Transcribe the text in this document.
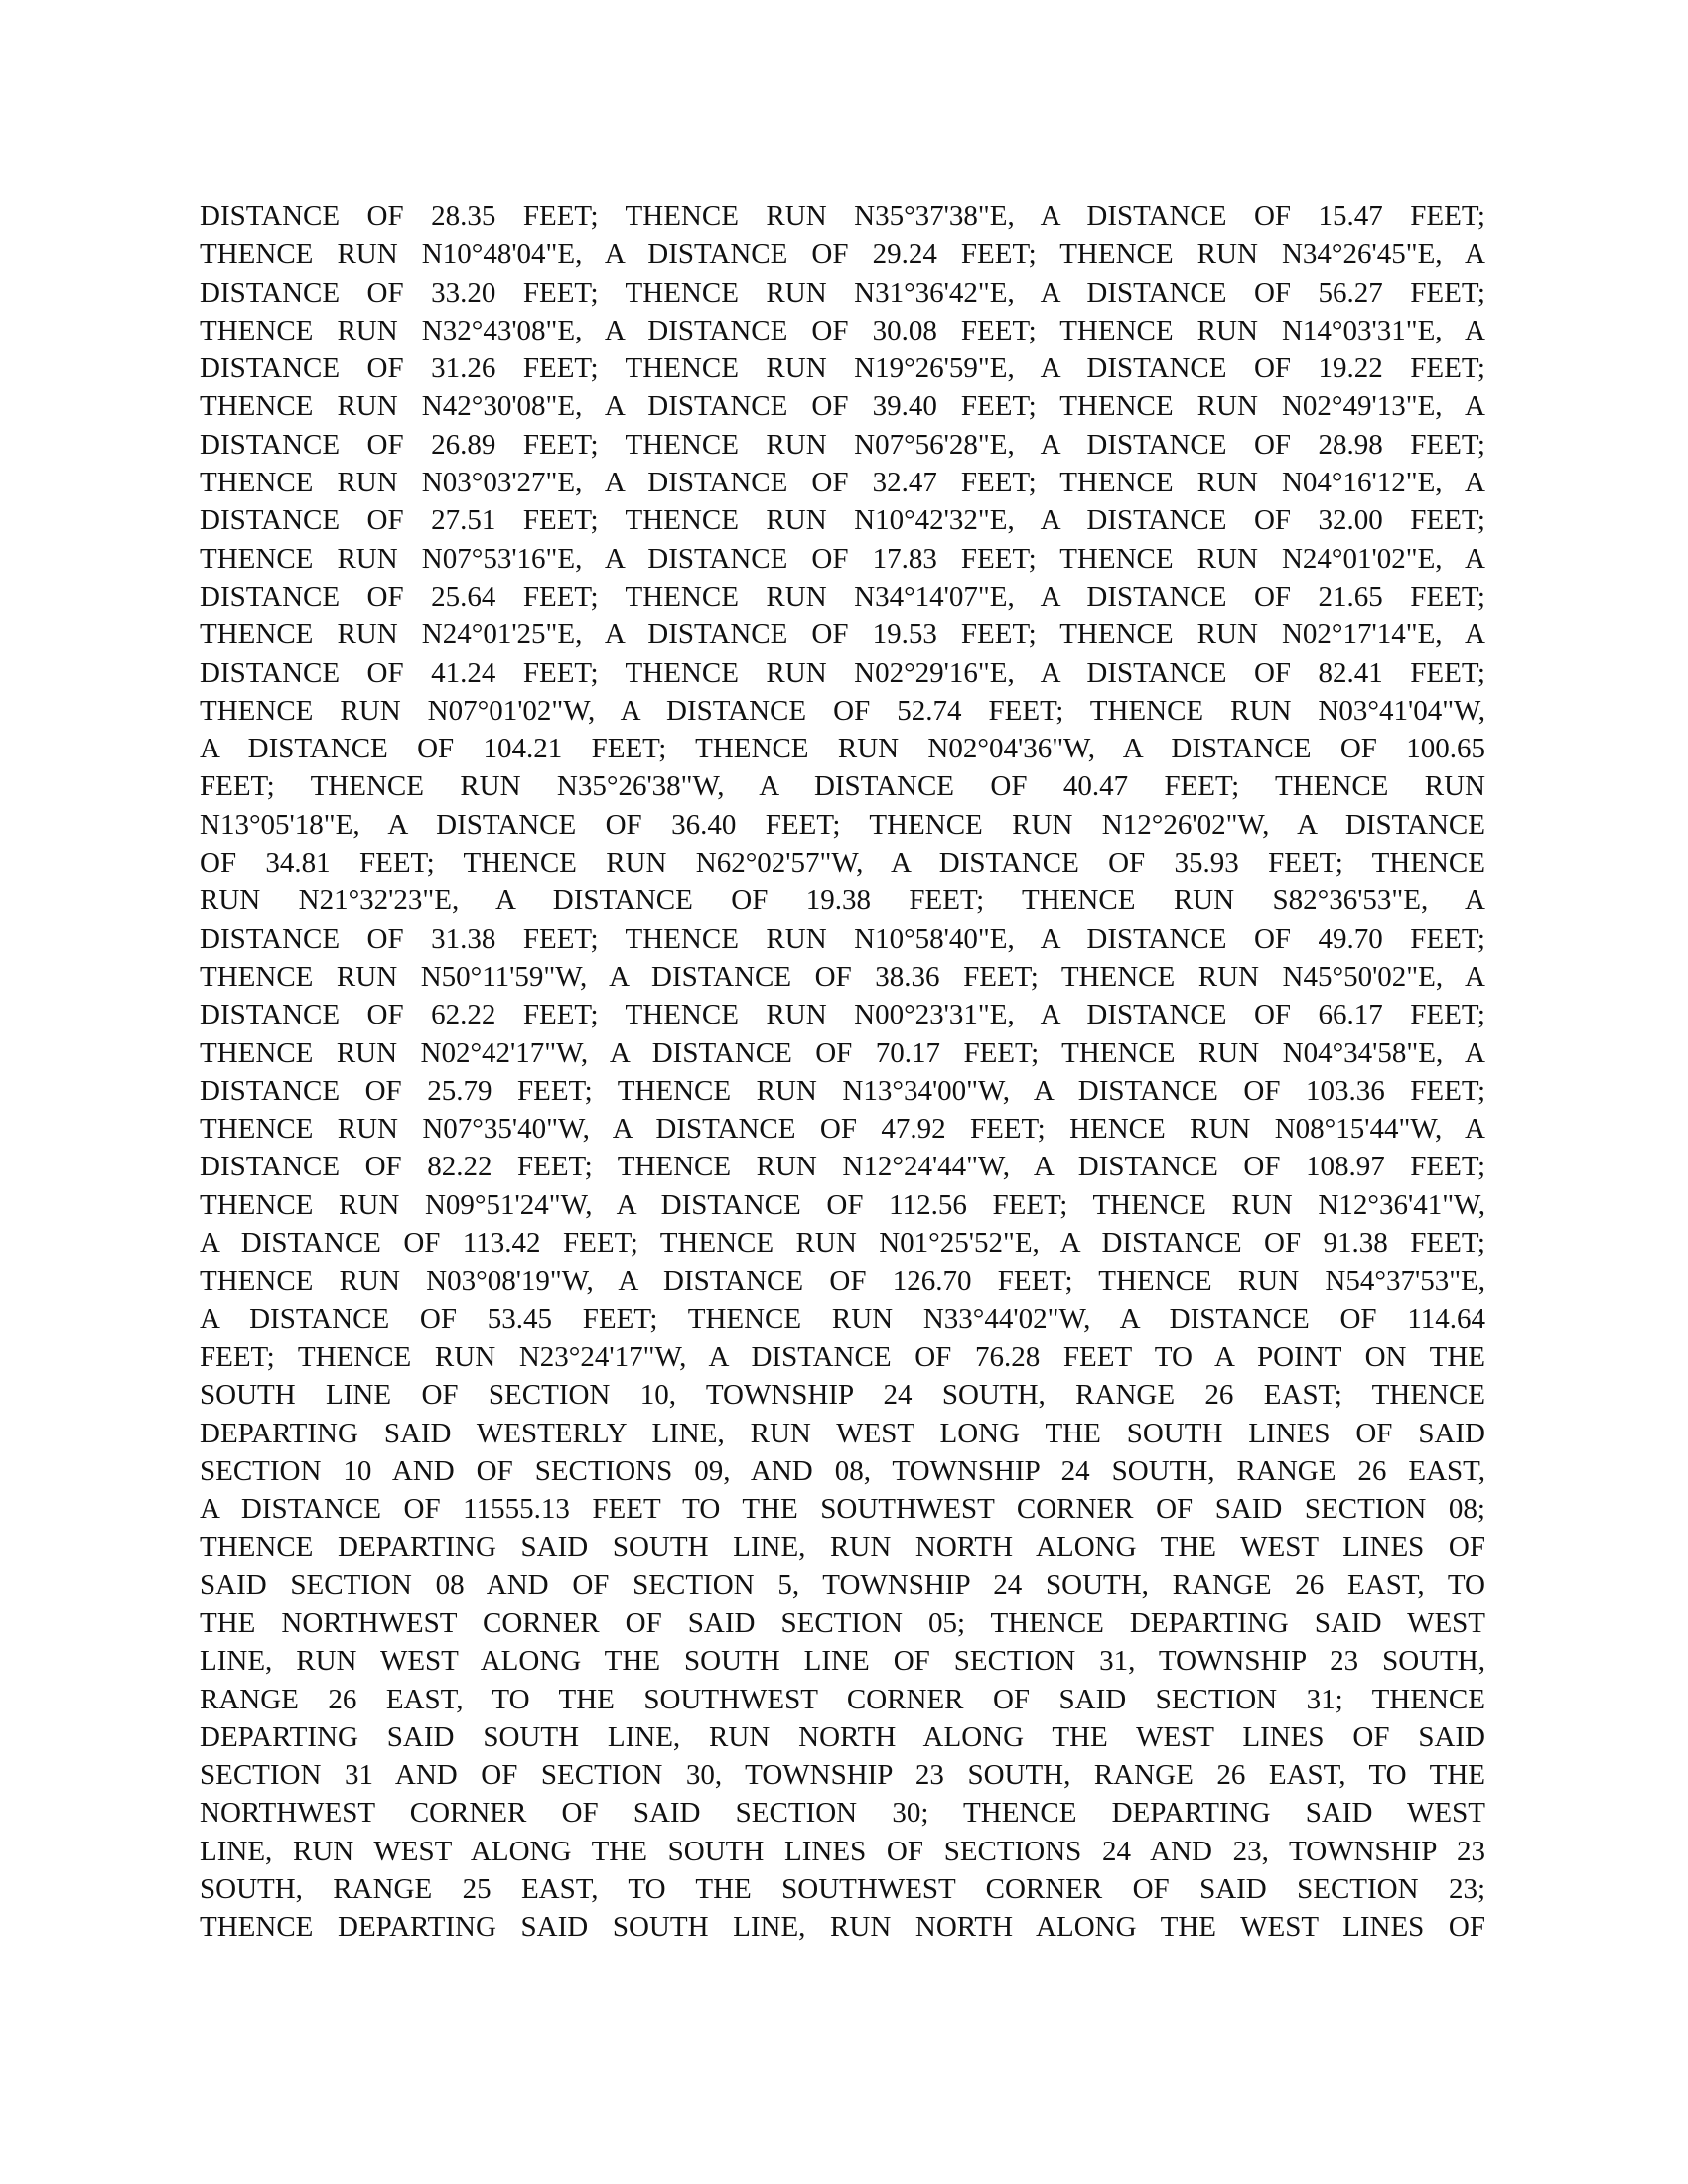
DISTANCE OF 28.35 FEET; THENCE RUN N35°37'38"E, A DISTANCE OF 15.47 FEET;
THENCE RUN N10°48'04"E, A DISTANCE OF 29.24 FEET; THENCE RUN N34°26'45"E, A
DISTANCE OF 33.20 FEET; THENCE RUN N31°36'42"E, A DISTANCE OF 56.27 FEET;
THENCE RUN N32°43'08"E, A DISTANCE OF 30.08 FEET; THENCE RUN N14°03'31"E, A
DISTANCE OF 31.26 FEET; THENCE RUN N19°26'59"E, A DISTANCE OF 19.22 FEET;
THENCE RUN N42°30'08"E, A DISTANCE OF 39.40 FEET; THENCE RUN N02°49'13"E, A
DISTANCE OF 26.89 FEET; THENCE RUN N07°56'28"E, A DISTANCE OF 28.98 FEET;
THENCE RUN N03°03'27"E, A DISTANCE OF 32.47 FEET; THENCE RUN N04°16'12"E, A
DISTANCE OF 27.51 FEET; THENCE RUN N10°42'32"E, A DISTANCE OF 32.00 FEET;
THENCE RUN N07°53'16"E, A DISTANCE OF 17.83 FEET; THENCE RUN N24°01'02"E, A
DISTANCE OF 25.64 FEET; THENCE RUN N34°14'07"E, A DISTANCE OF 21.65 FEET;
THENCE RUN N24°01'25"E, A DISTANCE OF 19.53 FEET; THENCE RUN N02°17'14"E, A
DISTANCE OF 41.24 FEET; THENCE RUN N02°29'16"E, A DISTANCE OF 82.41 FEET;
THENCE RUN N07°01'02"W, A DISTANCE OF 52.74 FEET; THENCE RUN N03°41'04"W,
A DISTANCE OF 104.21 FEET; THENCE RUN N02°04'36"W, A DISTANCE OF 100.65
FEET; THENCE RUN N35°26'38"W, A DISTANCE OF 40.47 FEET; THENCE RUN
N13°05'18"E, A DISTANCE OF 36.40 FEET; THENCE RUN N12°26'02"W, A DISTANCE
OF 34.81 FEET; THENCE RUN N62°02'57"W, A DISTANCE OF 35.93 FEET; THENCE
RUN N21°32'23"E, A DISTANCE OF 19.38 FEET; THENCE RUN S82°36'53"E, A
DISTANCE OF 31.38 FEET; THENCE RUN N10°58'40"E, A DISTANCE OF 49.70 FEET;
THENCE RUN N50°11'59"W, A DISTANCE OF 38.36 FEET; THENCE RUN N45°50'02"E, A
DISTANCE OF 62.22 FEET; THENCE RUN N00°23'31"E, A DISTANCE OF 66.17 FEET;
THENCE RUN N02°42'17"W, A DISTANCE OF 70.17 FEET; THENCE RUN N04°34'58"E, A
DISTANCE OF 25.79 FEET; THENCE RUN N13°34'00"W, A DISTANCE OF 103.36 FEET;
THENCE RUN N07°35'40"W, A DISTANCE OF 47.92 FEET; HENCE RUN N08°15'44"W, A
DISTANCE OF 82.22 FEET; THENCE RUN N12°24'44"W, A DISTANCE OF 108.97 FEET;
THENCE RUN N09°51'24"W, A DISTANCE OF 112.56 FEET; THENCE RUN N12°36'41"W,
A DISTANCE OF 113.42 FEET; THENCE RUN N01°25'52"E, A DISTANCE OF 91.38 FEET;
THENCE RUN N03°08'19"W, A DISTANCE OF 126.70 FEET; THENCE RUN N54°37'53"E,
A DISTANCE OF 53.45 FEET; THENCE RUN N33°44'02"W, A DISTANCE OF 114.64
FEET; THENCE RUN N23°24'17"W, A DISTANCE OF 76.28 FEET TO A POINT ON THE
SOUTH LINE OF SECTION 10, TOWNSHIP 24 SOUTH, RANGE 26 EAST; THENCE
DEPARTING SAID WESTERLY LINE, RUN WEST LONG THE SOUTH LINES OF SAID
SECTION 10 AND OF SECTIONS 09, AND 08, TOWNSHIP 24 SOUTH, RANGE 26 EAST,
A DISTANCE OF 11555.13 FEET TO THE SOUTHWEST CORNER OF SAID SECTION 08;
THENCE DEPARTING SAID SOUTH LINE, RUN NORTH ALONG THE WEST LINES OF
SAID SECTION 08 AND OF SECTION 5, TOWNSHIP 24 SOUTH, RANGE 26 EAST, TO
THE NORTHWEST CORNER OF SAID SECTION 05; THENCE DEPARTING SAID WEST
LINE, RUN WEST ALONG THE SOUTH LINE OF SECTION 31, TOWNSHIP 23 SOUTH,
RANGE 26 EAST, TO THE SOUTHWEST CORNER OF SAID SECTION 31; THENCE
DEPARTING SAID SOUTH LINE, RUN NORTH ALONG THE WEST LINES OF SAID
SECTION 31 AND OF SECTION 30, TOWNSHIP 23 SOUTH, RANGE 26 EAST, TO THE
NORTHWEST CORNER OF SAID SECTION 30; THENCE DEPARTING SAID WEST
LINE, RUN WEST ALONG THE SOUTH LINES OF SECTIONS 24 AND 23, TOWNSHIP 23
SOUTH, RANGE 25 EAST, TO THE SOUTHWEST CORNER OF SAID SECTION 23;
THENCE DEPARTING SAID SOUTH LINE, RUN NORTH ALONG THE WEST LINES OF
